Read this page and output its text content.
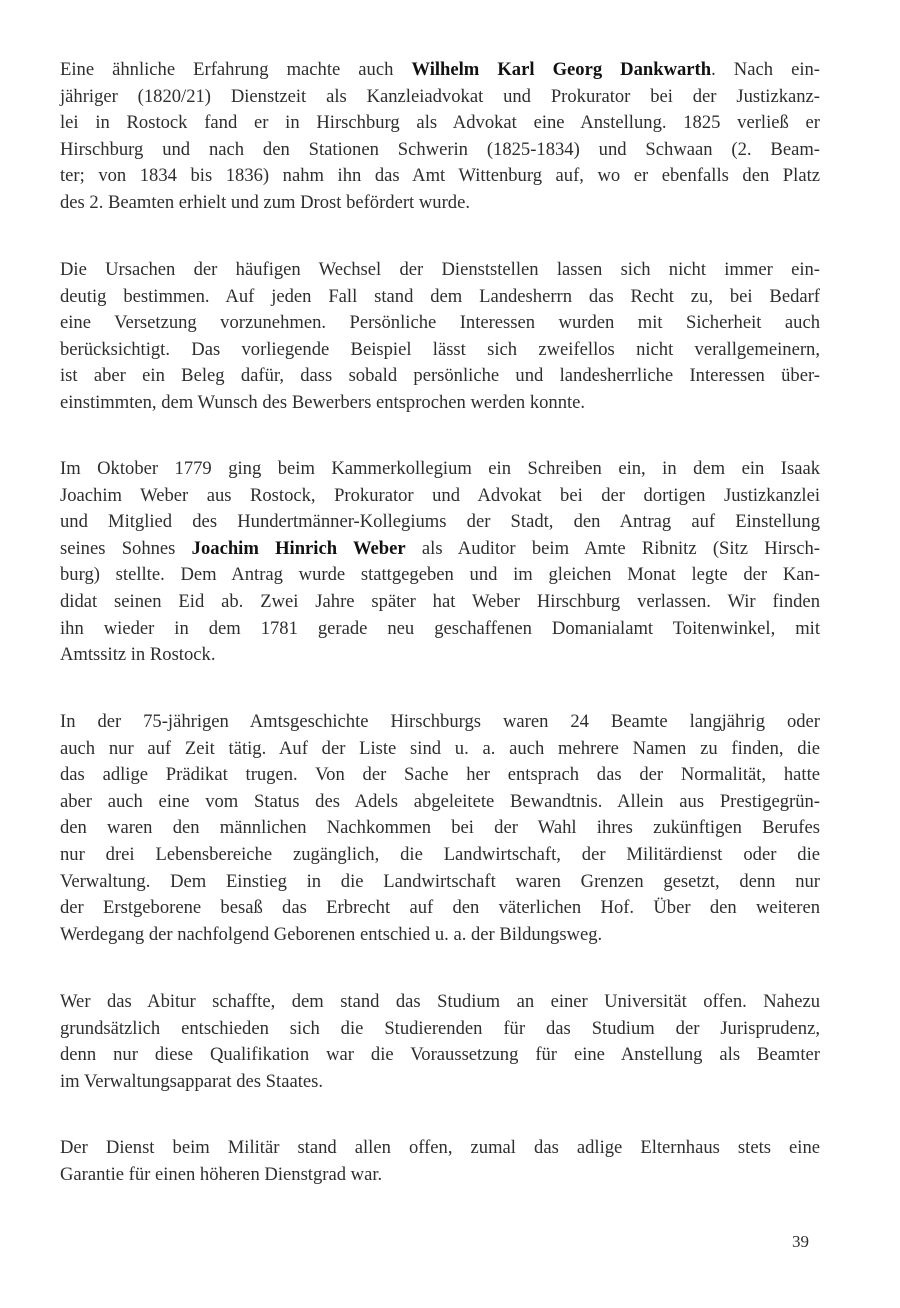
Eine ähnliche Erfahrung machte auch Wilhelm Karl Georg Dankwarth. Nach ein-
jähriger (1820/21) Dienstzeit als Kanzleiadvokat und Prokurator bei der Justizkanz-
lei in Rostock fand er in Hirschburg als Advokat eine Anstellung. 1825 verließ er
Hirschburg und nach den Stationen Schwerin (1825-1834) und Schwaan (2. Beam-
ter; von 1834 bis 1836) nahm ihn das Amt Wittenburg auf, wo er ebenfalls den Platz
des 2. Beamten erhielt und zum Drost befördert wurde.
Die Ursachen der häufigen Wechsel der Dienststellen lassen sich nicht immer ein-
deutig bestimmen. Auf jeden Fall stand dem Landesherrn das Recht zu, bei Bedarf
eine Versetzung vorzunehmen. Persönliche Interessen wurden mit Sicherheit auch
berücksichtigt. Das vorliegende Beispiel lässt sich zweifellos nicht verallgemeinern,
ist aber ein Beleg dafür, dass sobald persönliche und landesherrliche Interessen über-
einstimmten, dem Wunsch des Bewerbers entsprochen werden konnte.
Im Oktober 1779 ging beim Kammerkollegium ein Schreiben ein, in dem ein Isaak
Joachim Weber aus Rostock, Prokurator und Advokat bei der dortigen Justizkanzlei
und Mitglied des Hundertmänner-Kollegiums der Stadt, den Antrag auf Einstellung
seines Sohnes Joachim Hinrich Weber als Auditor beim Amte Ribnitz (Sitz Hirsch-
burg) stellte. Dem Antrag wurde stattgegeben und im gleichen Monat legte der Kan-
didat seinen Eid ab. Zwei Jahre später hat Weber Hirschburg verlassen. Wir finden
ihn wieder in dem 1781 gerade neu geschaffenen Domanialamt Toitenwinkel, mit
Amtssitz in Rostock.
In der 75-jährigen Amtsgeschichte Hirschburgs waren 24 Beamte langjährig oder
auch nur auf Zeit tätig. Auf der Liste sind u. a. auch mehrere Namen zu finden, die
das adlige Prädikat trugen. Von der Sache her entsprach das der Normalität, hatte
aber auch eine vom Status des Adels abgeleitete Bewandtnis. Allein aus Prestigegrün-
den waren den männlichen Nachkommen bei der Wahl ihres zukünftigen Berufes
nur drei Lebensbereiche zugänglich, die Landwirtschaft, der Militärdienst oder die
Verwaltung. Dem Einstieg in die Landwirtschaft waren Grenzen gesetzt, denn nur
der Erstgeborene besaß das Erbrecht auf den väterlichen Hof. Über den weiteren
Werdegang der nachfolgend Geborenen entschied u. a. der Bildungsweg.
Wer das Abitur schaffte, dem stand das Studium an einer Universität offen. Nahezu
grundsätzlich entschieden sich die Studierenden für das Studium der Jurisprudenz,
denn nur diese Qualifikation war die Voraussetzung für eine Anstellung als Beamter
im Verwaltungsapparat des Staates.
Der Dienst beim Militär stand allen offen, zumal das adlige Elternhaus stets eine
Garantie für einen höheren Dienstgrad war.
39
